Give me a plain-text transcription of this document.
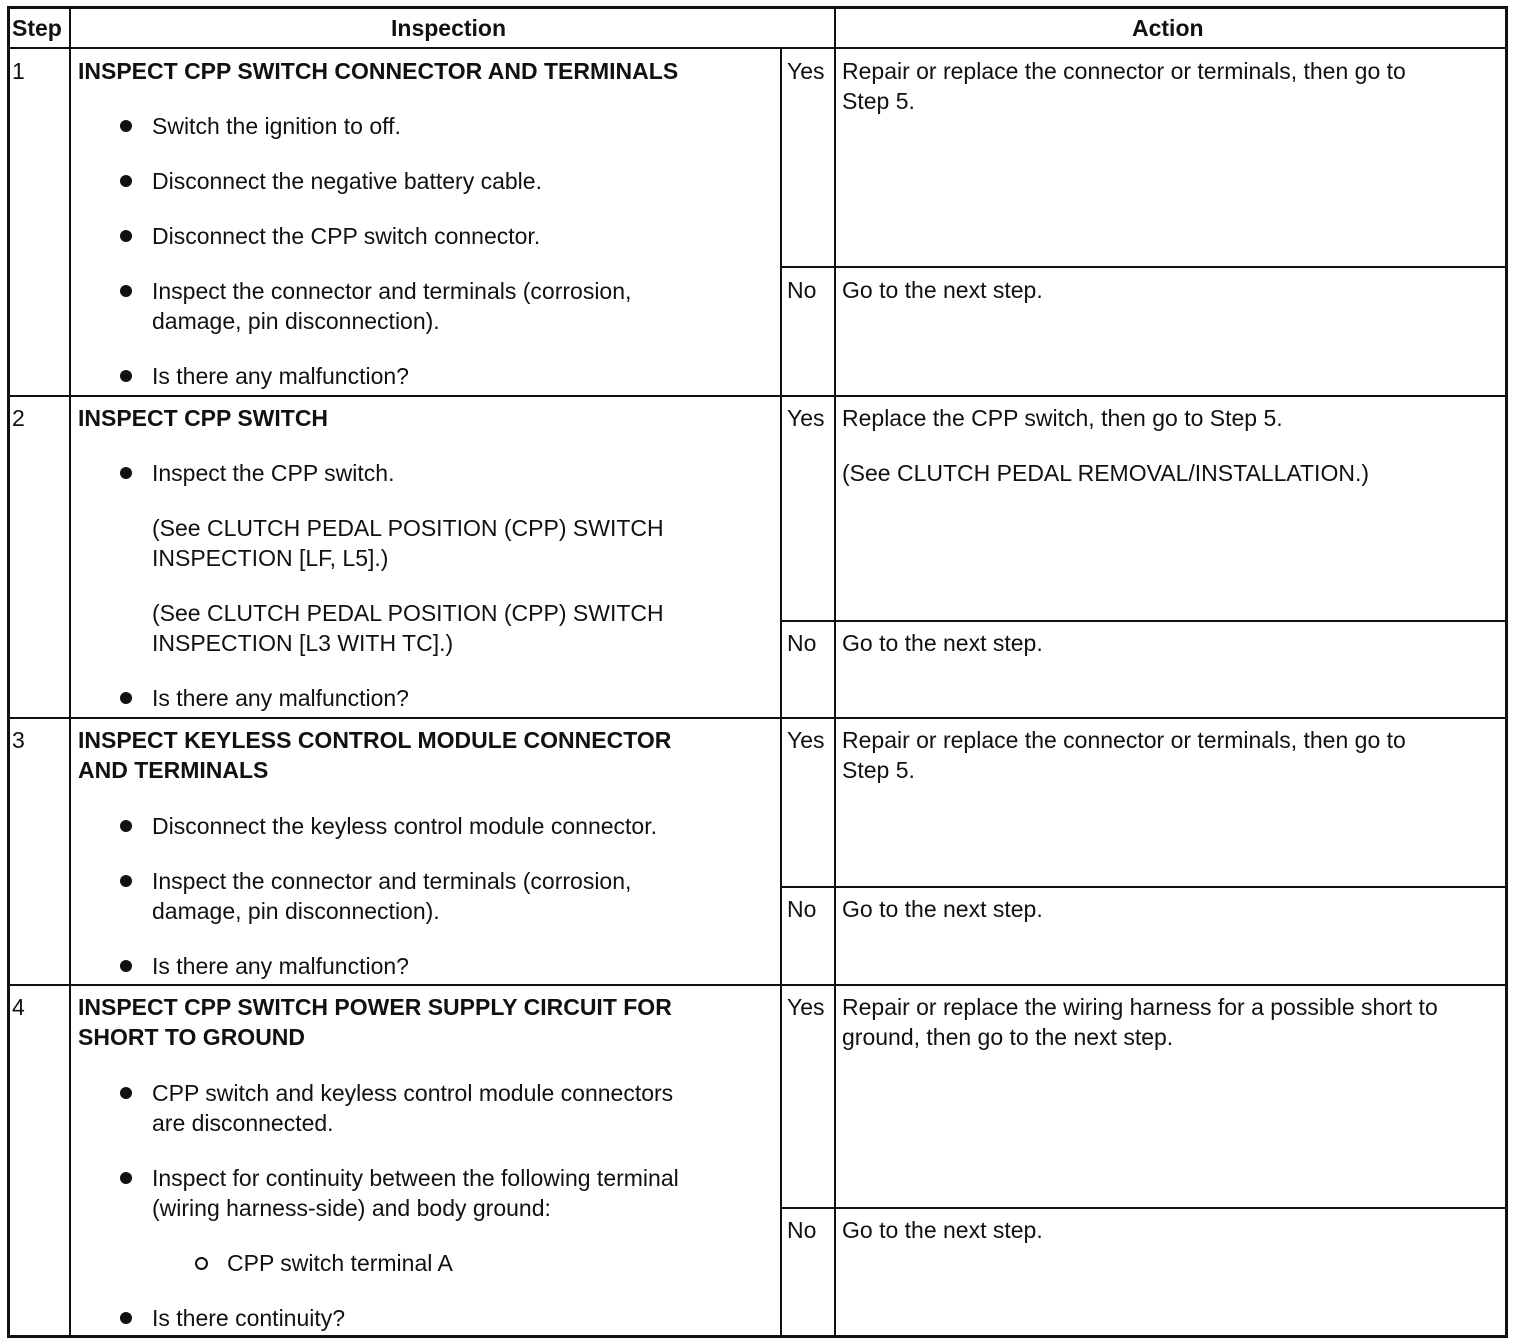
Step	Inspection	Action
1 INSPECT CPP SWITCH CONNECTOR AND TERMINALS
Switch the ignition to off.
Disconnect the negative battery cable.
Disconnect the CPP switch connector.
Inspect the connector and terminals (corrosion,
damage, pin disconnection).
Is there any malfunction?
Yes Repair or replace the connector or terminals, then go to
Step 5.
No Go to the next step.
2 INSPECT CPP SWITCH
Inspect the CPP switch.
(See CLUTCH PEDAL POSITION (CPP) SWITCH
INSPECTION [LF, L5].)
(See CLUTCH PEDAL POSITION (CPP) SWITCH
INSPECTION [L3 WITH TC].)
Is there any malfunction?
Yes Replace the CPP switch, then go to Step 5.
(See CLUTCH PEDAL REMOVAL/INSTALLATION.)
No Go to the next step.
3 INSPECT KEYLESS CONTROL MODULE CONNECTOR
AND TERMINALS
Disconnect the keyless control module connector.
Inspect the connector and terminals (corrosion,
damage, pin disconnection).
Is there any malfunction?
Yes Repair or replace the connector or terminals, then go to
Step 5.
No Go to the next step.
4 INSPECT CPP SWITCH POWER SUPPLY CIRCUIT FOR
SHORT TO GROUND
CPP switch and keyless control module connectors
are disconnected.
Inspect for continuity between the following terminal
(wiring harness-side) and body ground:
CPP switch terminal A
Is there continuity?
Yes Repair or replace the wiring harness for a possible short to
ground, then go to the next step.
No Go to the next step.
